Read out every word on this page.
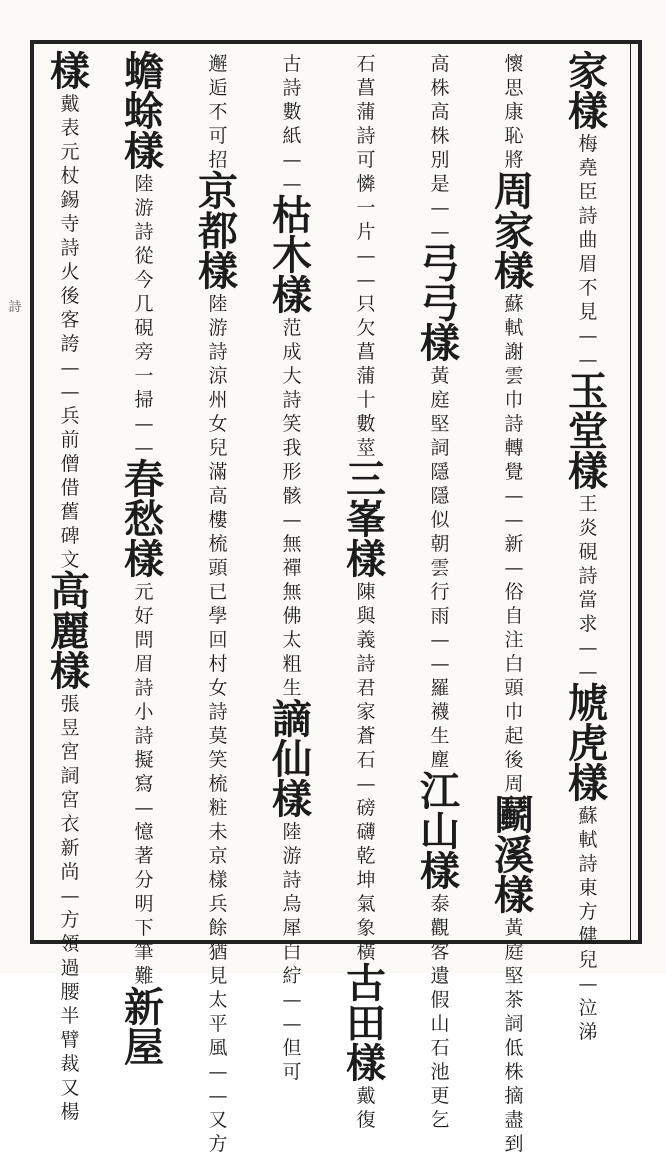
詩
家
樣
梅
堯
臣
詩
曲
眉
不
見
—
—
玉
堂
樣
王
炎
硯
詩
當
求
—
—
虓
虎
樣
蘇
軾
詩
東
方
健
兒
—
泣
涕
懷
思
康
恥
將
周
家
樣
蘇
軾
謝
雲
巾
詩
轉
覺
—
—
新
—
俗
自
注
白
頭
巾
起
後
周
鬬
溪
樣
黃
庭
堅
茶
詞
低
株
摘
盡
到
高
株
高
株
別
是
—
—
弓
弓
樣
黃
庭
堅
詞
隱
隱
似
朝
雲
行
雨
—
—
羅
襪
生
塵
江
山
樣
泰
觀
客
遺
假
山
石
池
更
乞
石
菖
蒲
詩
可
憐
一
片
—
—
只
欠
菖
蒲
十
數
莖
三
峯
樣
陳
與
義
詩
君
家
蒼
石
—
磅
礴
乾
坤
氣
象
橫
古
田
樣
戴
復
古
詩
數
紙
—
—
枯
木
樣
范
成
大
詩
笑
我
形
骸
—
無
禪
無
佛
太
粗
生
謫
仙
樣
陸
游
詩
烏
犀
白
紵
—
—
但
可
邂
逅
不
可
招
京
都
樣
陸
游
詩
涼
州
女
兒
滿
高
樓
梳
頭
已
學
回
村
女
詩
莫
笑
梳
粧
未
京
樣
兵
餘
猶
見
太
平
風
—
—
又
方
蟾
蜍
樣
陸
游
詩
從
今
几
硯
旁
一
掃
—
—
春
愁
樣
元
好
問
眉
詩
小
詩
擬
寫
—
憶
著
分
明
下
筆
難
新
屋
樣
戴
表
元
杖
錫
寺
詩
火
後
客
誇
—
—
兵
前
僧
借
舊
碑
文
高
麗
樣
張
昱
宮
詞
宮
衣
新
尚
—
方
領
過
腰
半
臂
裁
又
楊
